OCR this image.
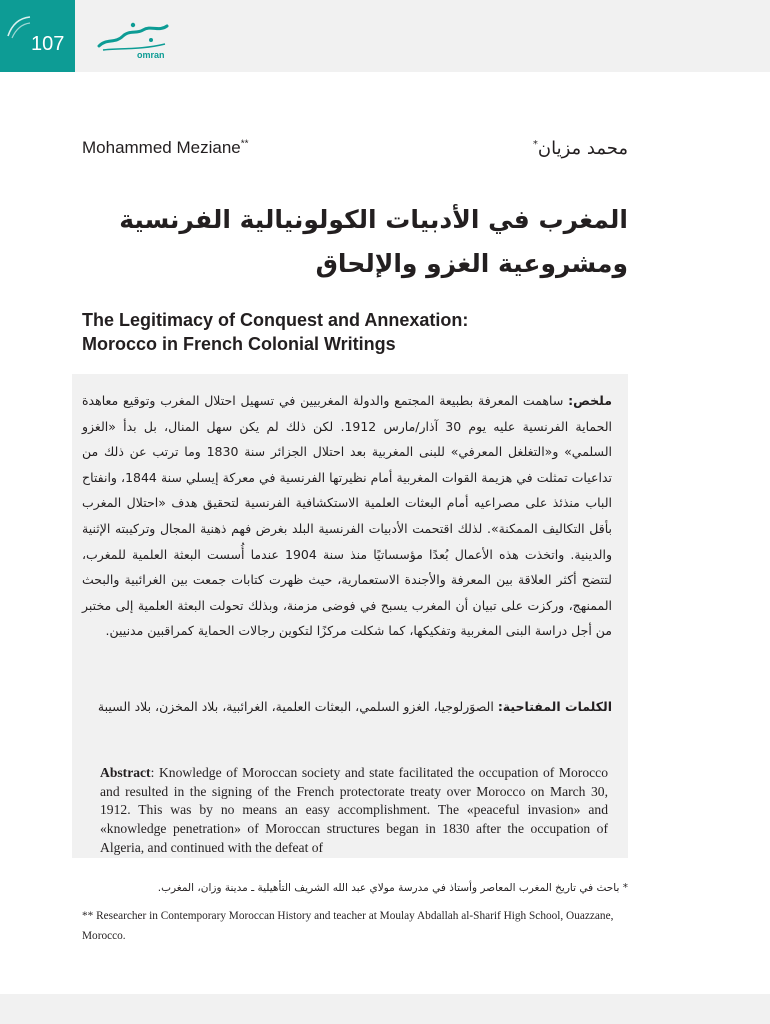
107	omran
Mohammed Meziane**	محمد مزيان*
المغرب في الأدبيات الكولونيالية الفرنسية ومشروعية الغزو والإلحاق
The Legitimacy of Conquest and Annexation:
Morocco in French Colonial Writings
ملخص: ساهمت المعرفة بطبيعة المجتمع والدولة المغربيين في تسهيل احتلال المغرب وتوقيع معاهدة الحماية الفرنسية عليه يوم 30 آذار/مارس 1912. لكن ذلك لم يكن سهل المنال، بل بدأ «الغزو السلمي» و«التغلغل المعرفي» للبنى المغربية بعد احتلال الجزائر سنة 1830 وما ترتب عن ذلك من تداعيات تمثلت في هزيمة القوات المغربية أمام نظيرتها الفرنسية في معركة إيسلي سنة 1844، وانفتاح الباب منذئذ على مصراعيه أمام البعثات العلمية الاستكشافية الفرنسية لتحقيق هدف «احتلال المغرب بأقل التكاليف الممكنة». لذلك اقتحمت الأدبيات الفرنسية البلد بغرض فهم ذهنية المجال وتركيبته الإثنية والدينية. واتخذت هذه الأعمال بُعدًا مؤسساتيًا منذ سنة 1904 عندما أُسست البعثة العلمية للمغرب، لتتضح أكثر العلاقة بين المعرفة والأجندة الاستعمارية، حيث ظهرت كتابات جمعت بين الغرائبية والبحث الممنهج، وركزت على تبيان أن المغرب يسبح في فوضى مزمنة، وبذلك تحولت البعثة العلمية إلى مختبر من أجل دراسة البنى المغربية وتفكيكها، كما شكلت مركزًا لتكوين رجالات الحماية كمراقبين مدنيين.
الكلمات المفتاحية: الصوَرلوجيا، الغزو السلمي، البعثات العلمية، الغرائبية، بلاد المخزن، بلاد السيبة
Abstract: Knowledge of Moroccan society and state facilitated the occupation of Morocco and resulted in the signing of the French protectorate treaty over Morocco on March 30, 1912. This was by no means an easy accomplishment. The «peaceful invasion» and «knowledge penetration» of Moroccan structures began in 1830 after the occupation of Algeria, and continued with the defeat of
* باحث في تاريخ المغرب المعاصر وأستاذ في مدرسة مولاي عبد الله الشريف التأهيلية ـ مدينة وزان، المغرب.
** Researcher in Contemporary Moroccan History and teacher at Moulay Abdallah al-Sharif High School, Ouazzane, Morocco.
